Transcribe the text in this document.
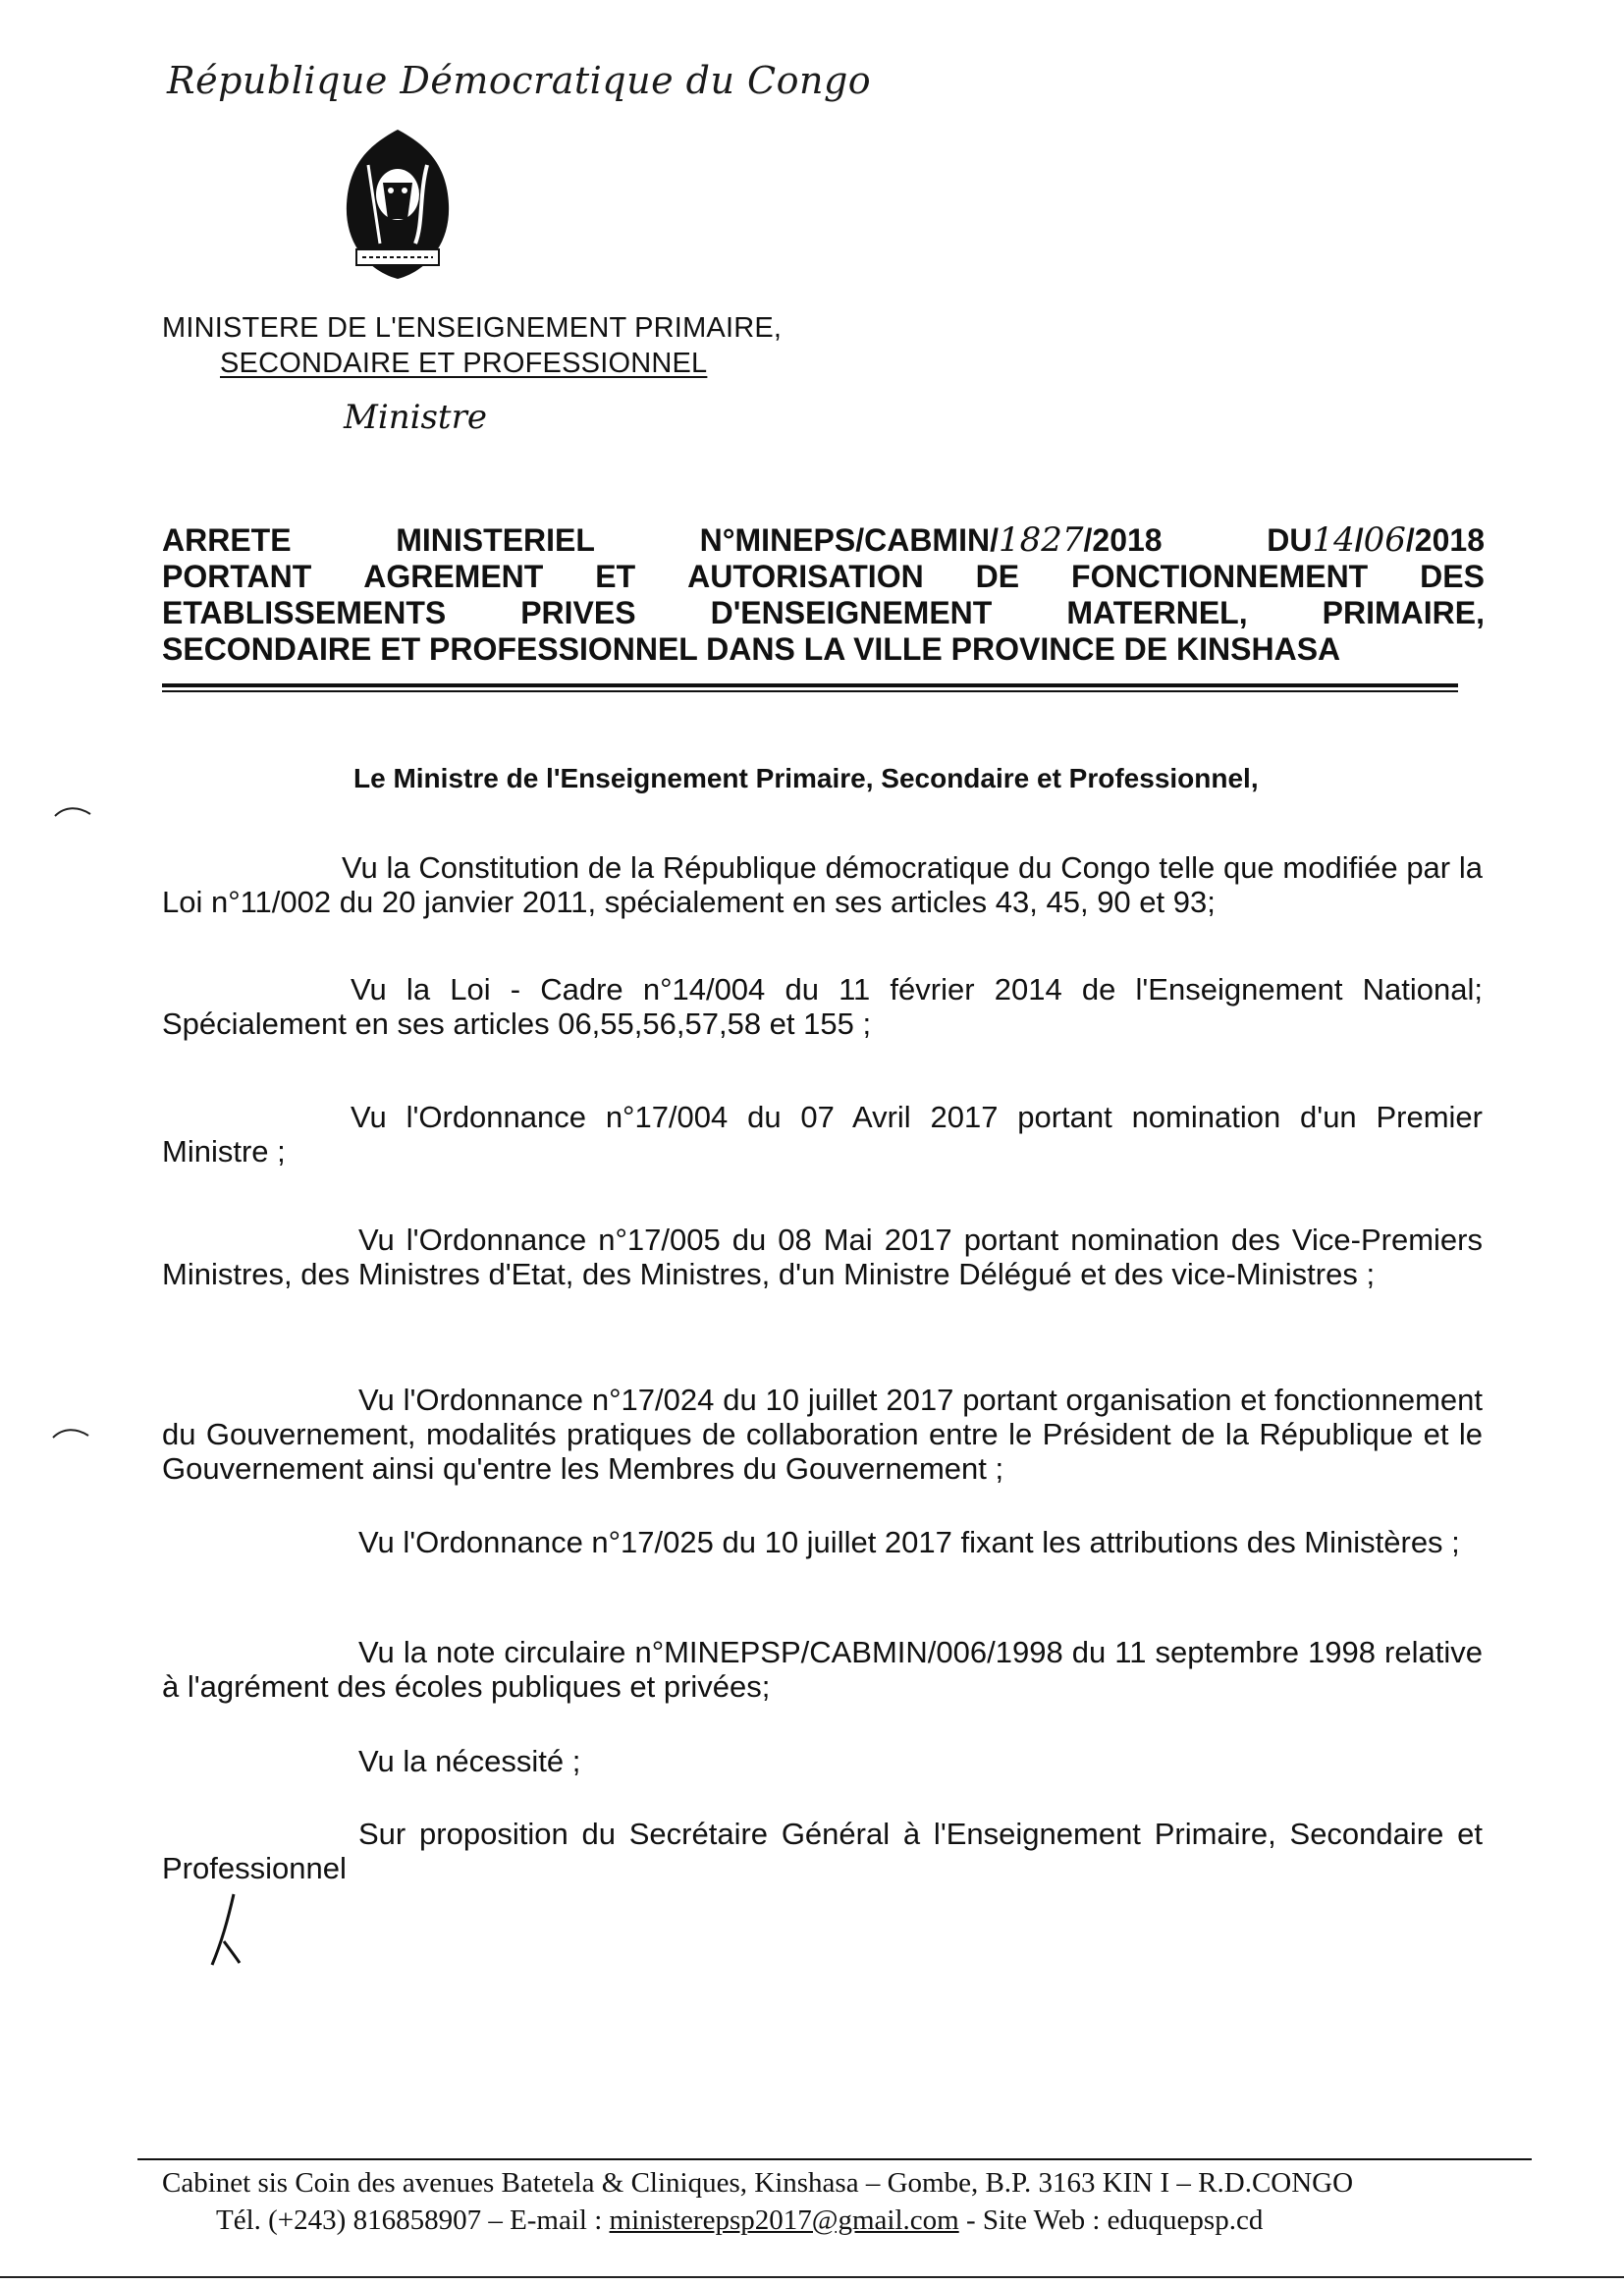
République Démocratique du Congo
MINISTERE DE L'ENSEIGNEMENT PRIMAIRE,
SECONDAIRE ET PROFESSIONNEL
Ministre
ARRETE	MINISTERIEL	N°MINEPS/CABMIN/1827/2018	DU14/06/2018
PORTANT AGREMENT ET AUTORISATION DE FONCTIONNEMENT DES
ETABLISSEMENTS PRIVES D'ENSEIGNEMENT MATERNEL, PRIMAIRE,
SECONDAIRE ET PROFESSIONNEL DANS LA VILLE PROVINCE DE KINSHASA
Le Ministre de l'Enseignement Primaire, Secondaire et Professionnel,
Vu la Constitution de la République démocratique du Congo telle que modifiée par la Loi n°11/002 du 20 janvier 2011, spécialement en ses articles 43, 45, 90 et 93;
Vu la Loi - Cadre n°14/004 du 11 février 2014 de l'Enseignement National; Spécialement en ses articles 06,55,56,57,58 et 155 ;
Vu l'Ordonnance n°17/004 du 07 Avril 2017 portant nomination d'un Premier Ministre ;
Vu l'Ordonnance n°17/005 du 08 Mai 2017 portant nomination des Vice-Premiers Ministres, des Ministres d'Etat, des Ministres, d'un Ministre Délégué et des vice-Ministres ;
Vu l'Ordonnance n°17/024 du 10 juillet 2017 portant organisation et fonctionnement du Gouvernement, modalités pratiques de collaboration entre le Président de la République et le Gouvernement ainsi qu'entre les Membres du Gouvernement ;
Vu l'Ordonnance n°17/025 du 10 juillet 2017 fixant les attributions des Ministères ;
Vu la note circulaire n°MINEPSP/CABMIN/006/1998 du 11 septembre 1998 relative à l'agrément des écoles publiques et privées;
Vu la nécessité ;
Sur proposition du Secrétaire Général à l'Enseignement Primaire, Secondaire et Professionnel
Cabinet sis Coin des avenues Batetela & Cliniques, Kinshasa – Gombe, B.P. 3163 KIN I – R.D.CONGO
Tél. (+243) 816858907 – E-mail : ministerepsp2017@gmail.com - Site Web : eduquepsp.cd
